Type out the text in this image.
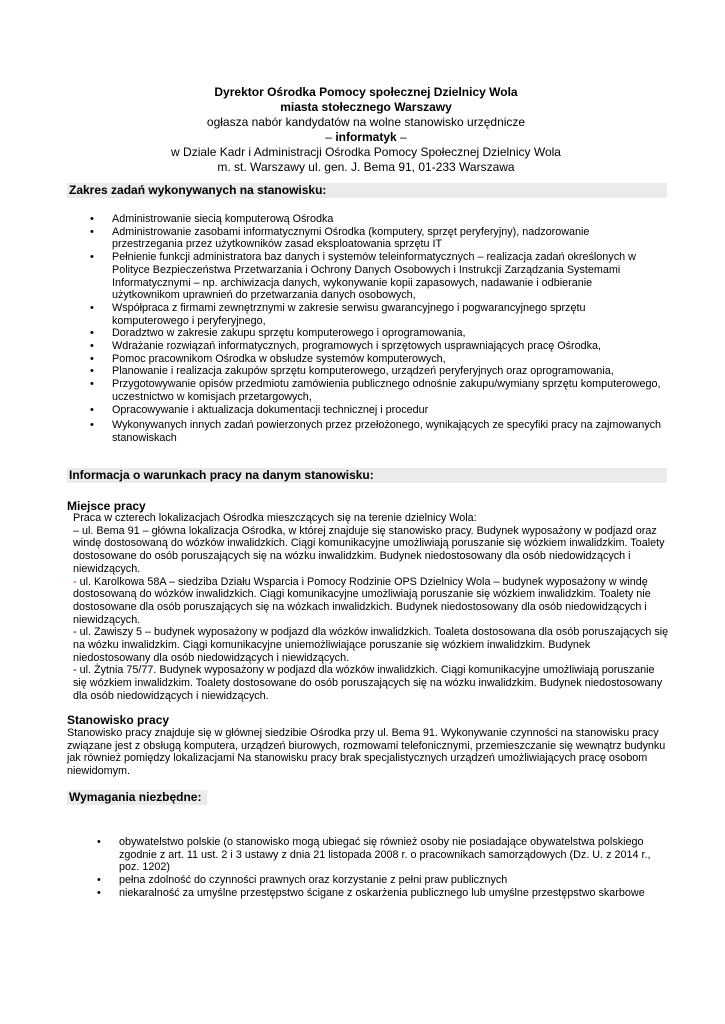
Dyrektor Ośrodka Pomocy społecznej Dzielnicy Wola
miasta stołecznego Warszawy
ogłasza nabór kandydatów na wolne stanowisko urzędnicze
– informatyk –
w Dziale Kadr i Administracji Ośrodka Pomocy Społecznej Dzielnicy Wola
m. st. Warszawy ul. gen. J. Bema 91, 01-233 Warszawa
Zakres zadań wykonywanych na stanowisku:
• Administrowanie siecią komputerową Ośrodka
• Administrowanie zasobami informatycznymi Ośrodka (komputery, sprzęt peryferyjny), nadzorowanie przestrzegania przez użytkowników zasad eksploatowania sprzętu IT
• Pełnienie funkcji administratora baz danych i systemów teleinformatycznych – realizacja zadań określonych w Polityce Bezpieczeństwa Przetwarzania i Ochrony Danych Osobowych i Instrukcji Zarządzania Systemami Informatycznymi – np. archiwizacja danych, wykonywanie kopii zapasowych, nadawanie i odbieranie użytkownikom uprawnień do przetwarzania danych osobowych,
• Współpraca z firmami zewnętrznymi w zakresie serwisu gwarancyjnego i pogwarancyjnego sprzętu komputerowego i peryferyjnego,
• Doradztwo w zakresie zakupu sprzętu komputerowego i oprogramowania,
• Wdrażanie rozwiązań informatycznych, programowych i sprzętowych usprawniających pracę Ośrodka,
• Pomoc pracownikom Ośrodka w obsłudze systemów komputerowych,
• Planowanie i realizacja zakupów sprzętu komputerowego, urządzeń peryferyjnych oraz oprogramowania,
• Przygotowywanie opisów przedmiotu zamówienia publicznego odnośnie zakupu/wymiany sprzętu komputerowego, uczestnictwo w komisjach przetargowych,
• Opracowywanie i aktualizacja dokumentacji technicznej i procedur
• Wykonywanych innych zadań powierzonych przez przełożonego, wynikających ze specyfiki pracy na zajmowanych stanowiskach
Informacja o warunkach pracy na danym stanowisku:
Miejsce pracy

Praca w czterech lokalizacjach Ośrodka mieszczących się na terenie dzielnicy Wola:

– ul. Bema 91 – główna lokalizacja Ośrodka, w której znajduje się stanowisko pracy. Budynek wyposażony w podjazd oraz windę dostosowaną do wózków inwalidzkich. Ciągi komunikacyjne umożliwiają poruszanie się wózkiem inwalidzkim. Toalety dostosowane do osób poruszających się na wózku inwalidzkim. Budynek niedostosowany dla osób niedowidzących i niewidzących.

- ul. Karolkowa 58A – siedziba Działu Wsparcia i Pomocy Rodzinie OPS Dzielnicy Wola – budynek wyposażony w windę dostosowaną do wózków inwalidzkich. Ciągi komunikacyjne umożliwiają poruszanie się wózkiem inwalidzkim. Toalety nie dostosowane dla osób poruszających się na wózkach inwalidzkich. Budynek niedostosowany dla osób niedowidzących i niewidzących.

- ul. Zawiszy 5 – budynek wyposażony w podjazd dla wózków inwalidzkich. Toaleta dostosowana dla osób poruszających się na wózku inwalidzkim. Ciągi komunikacyjne uniemożliwiające poruszanie się wózkiem inwalidzkim. Budynek niedostosowany dla osób niedowidzących i niewidzących.

- ul. Żytnia 75/77. Budynek wyposażony w podjazd dla wózków inwalidzkich. Ciągi komunikacyjne umożliwiają poruszanie się wózkiem inwalidzkim. Toalety dostosowane do osób poruszających się na wózku inwalidzkim. Budynek niedostosowany dla osób niedowidzących i niewidzących.

Stanowisko pracy
Stanowisko pracy znajduje się w głównej siedzibie Ośrodka przy ul. Bema 91. Wykonywanie czynności na stanowisku pracy związane jest z obsługą komputera, urządzeń biurowych, rozmowami telefonicznymi, przemieszczanie się wewnątrz budynku jak również pomiędzy lokalizacjami Na stanowisku pracy brak specjalistycznych urządzeń umożliwiających pracę osobom niewidomym.
Wymagania niezbędne:
• obywatelstwo polskie (o stanowisko mogą ubiegać się również osoby nie posiadające obywatelstwa polskiego zgodnie z art. 11 ust. 2 i 3 ustawy z dnia 21 listopada 2008 r. o pracownikach samorządowych (Dz. U. z 2014 r., poz. 1202)
• pełna zdolność do czynności prawnych oraz korzystanie z pełni praw publicznych
• niekaralność za umyślne przestępstwo ścigane z oskarżenia publicznego lub umyślne przestępstwo skarbowe
